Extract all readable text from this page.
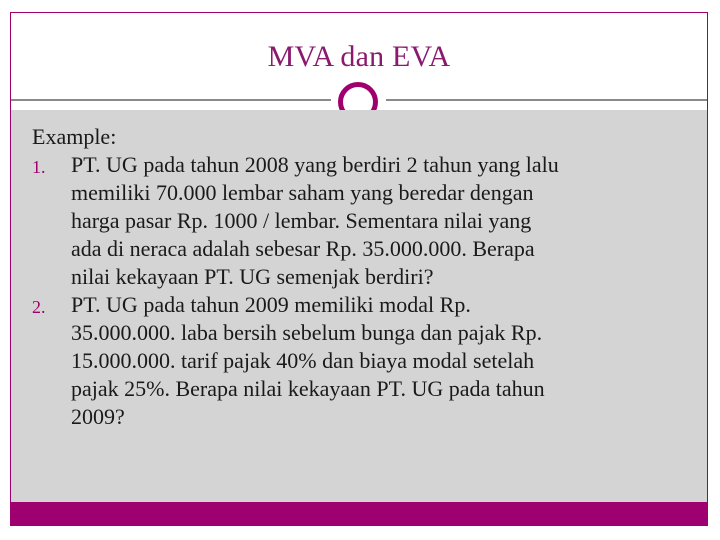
MVA dan EVA

Example:

1. PT. UG pada tahun 2008 yang berdiri 2 tahun yang lalu
memiliki 70.000 lembar saham yang beredar dengan
harga pasar Rp. 1000 / lembar. Sementara nilai yang
ada di neraca adalah sebesar Rp. 35.000.000. Berapa
nilai kekayaan PT. UG semenjak berdiri?
2. PT. UG pada tahun 2009 memiliki modal Rp.
35.000.000. laba bersih sebelum bunga dan pajak Rp.
15.000.000. tarif pajak 40% dan biaya modal setelah
pajak 25%. Berapa nilai kekayaan PT. UG pada tahun
2009?
